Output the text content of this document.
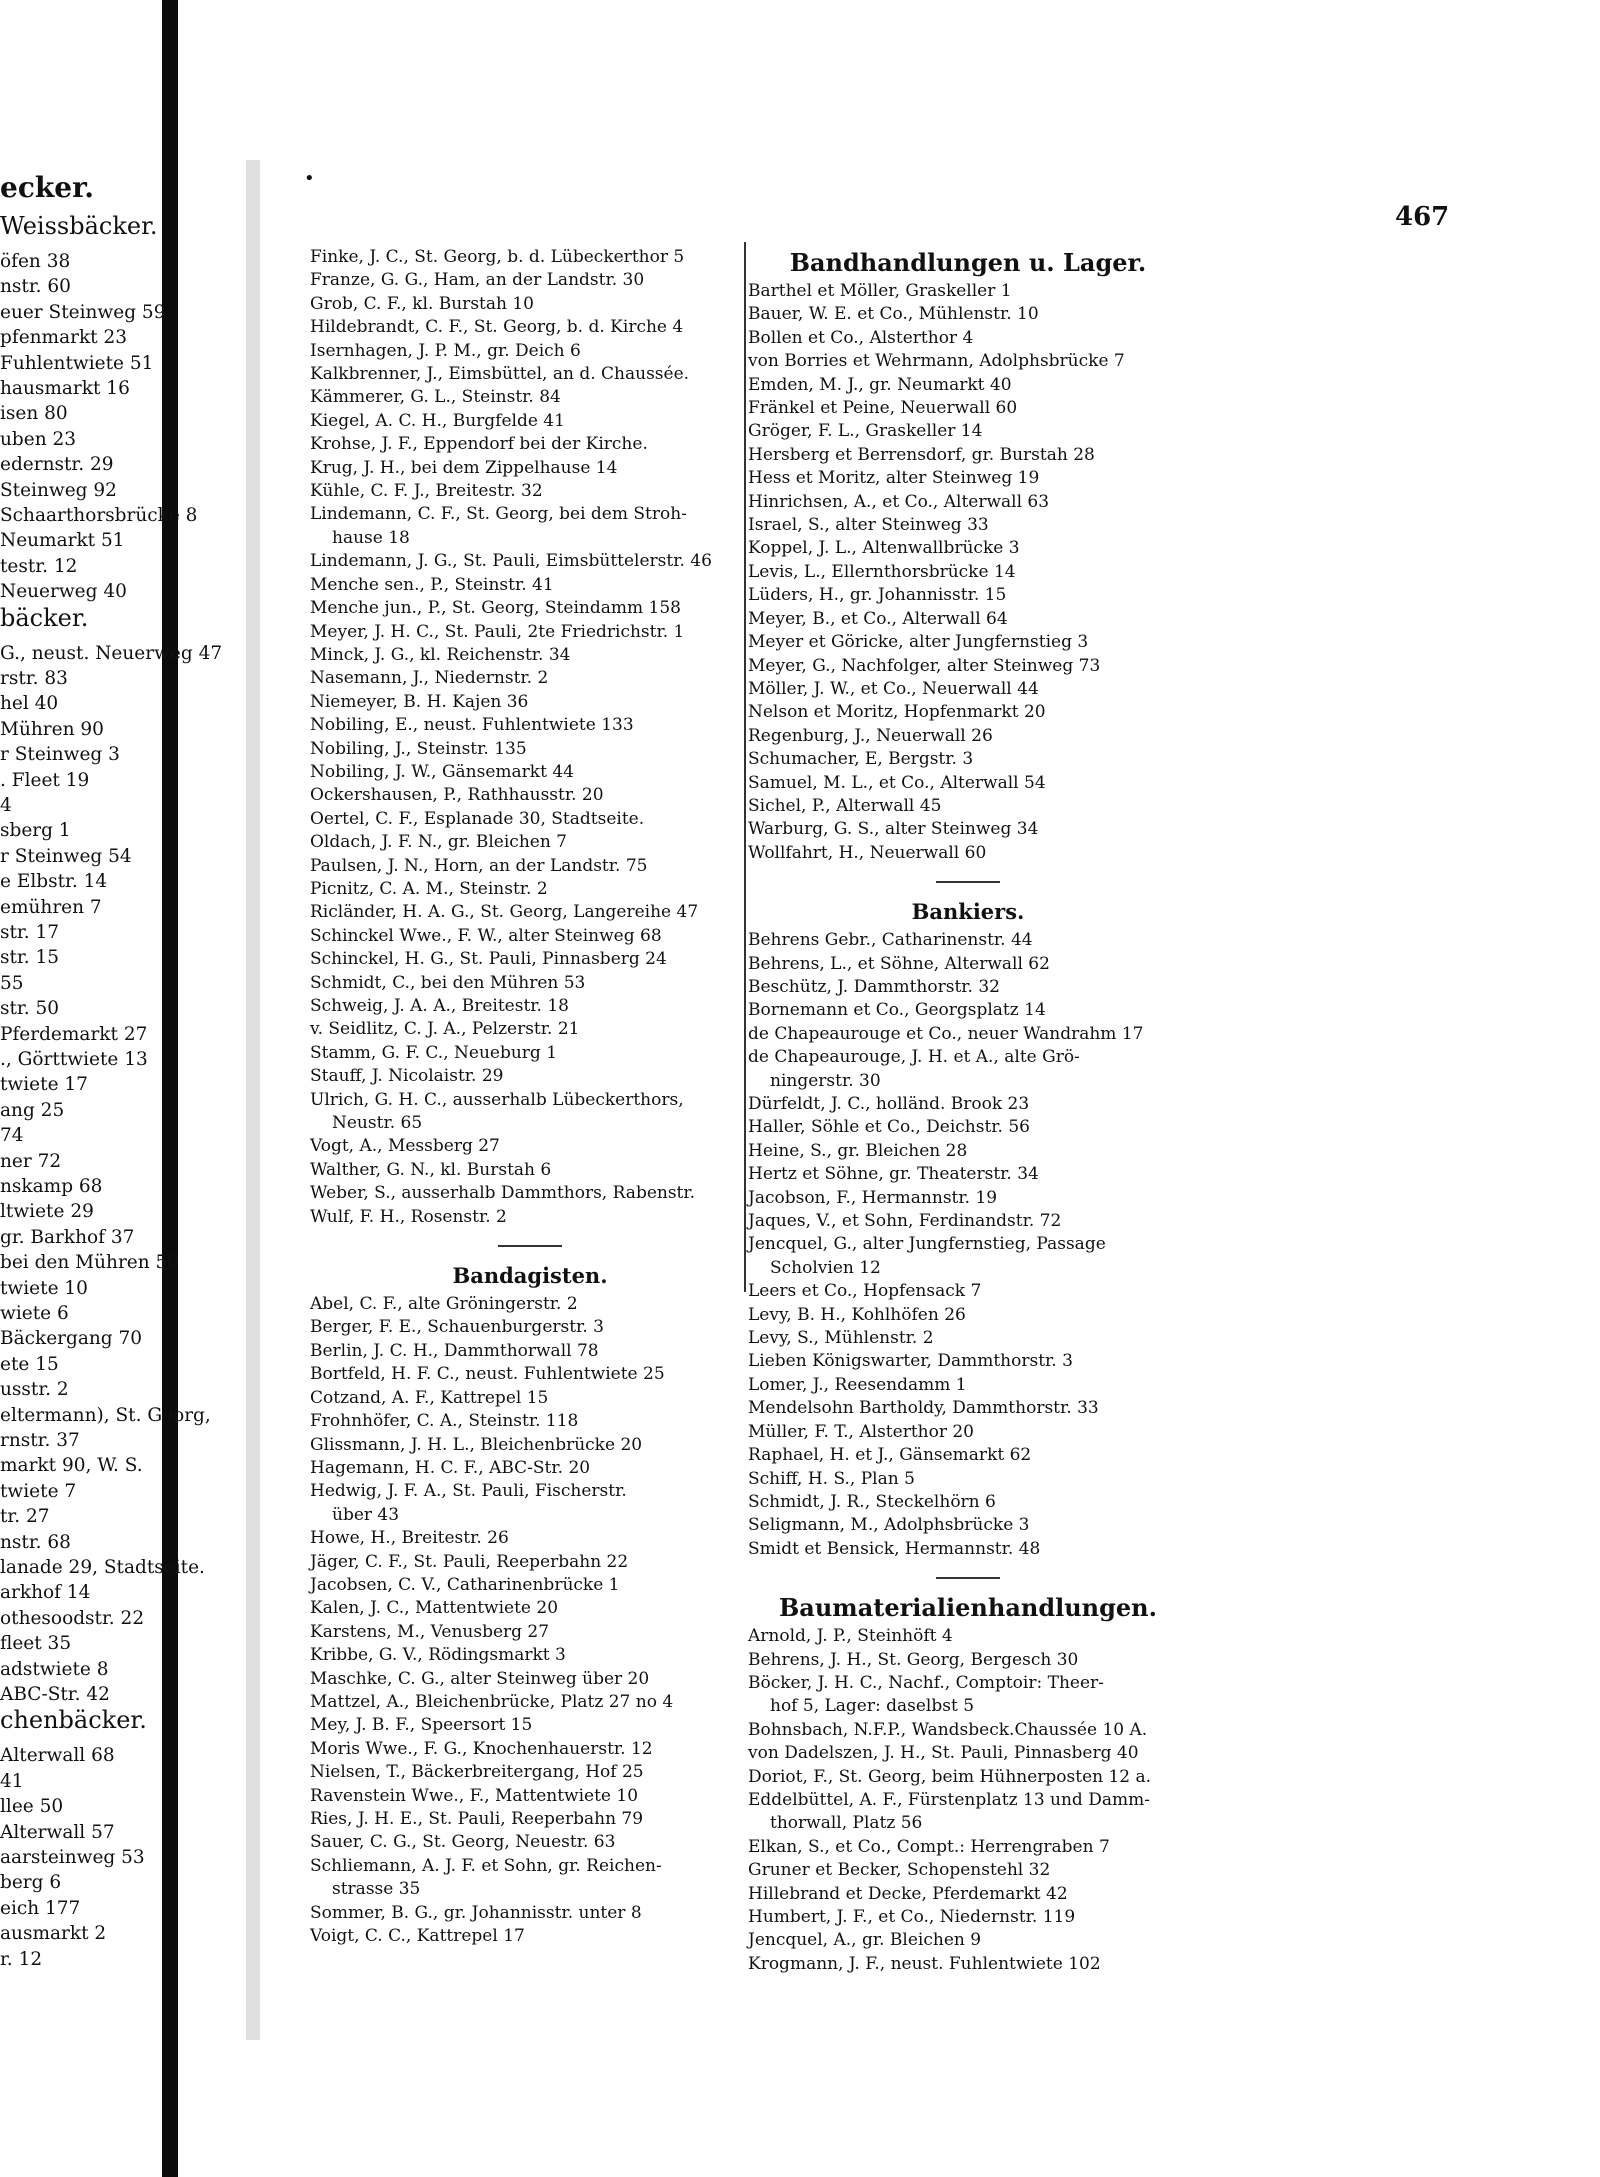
ecker.
Weissbäcker.
öfen 38
nstr. 60
euer Steinweg 59
pfenmarkt 23
Fuhlentwiete 51
hausmarkt 16
isen 80
uben 23
edernstr. 29
Steinweg 92
Schaarthorsbrücke 8
Neumarkt 51
testr. 12
Neuerweg 40
bäcker.
G., neust. Neuerweg 47
rstr. 83
hel 40
Mühren 90
r Steinweg 3
. Fleet 19
4
sberg 1
r Steinweg 54
e Elbstr. 14
emühren 7
str. 17
str. 15
55
str. 50
Pferdemarkt 27
., Görttwiete 13
twiete 17
ang 25
74
ner 72
nskamp 68
ltwiete 29
gr. Barkhof 37
bei den Mühren 50
twiete 10
wiete 6
Bäckergang 70
ete 15
usstr. 2
eltermann), St. Georg,
rnstr. 37
markt 90, W. S.
twiete 7
tr. 27
nstr. 68
lanade 29, Stadtseite.
arkhof 14
othesoodstr. 22
fleet 35
adstwiete 8
ABC-Str. 42
chenbäcker.
Alterwall 68
41
llee 50
Alterwall 57
aarsteinweg 53
berg 6
eich 177
ausmarkt 2
r. 12
•
467
Finke, J. C., St. Georg, b. d. Lübeckerthor 5
Franze, G. G., Ham, an der Landstr. 30
Grob, C. F., kl. Burstah 10
Hildebrandt, C. F., St. Georg, b. d. Kirche 4
Isernhagen, J. P. M., gr. Deich 6
Kalkbrenner, J., Eimsbüttel, an d. Chaussée.
Kämmerer, G. L., Steinstr. 84
Kiegel, A. C. H., Burgfelde 41
Krohse, J. F., Eppendorf bei der Kirche.
Krug, J. H., bei dem Zippelhause 14
Kühle, C. F. J., Breitestr. 32
Lindemann, C. F., St. Georg, bei dem Stroh-
hause 18
Lindemann, J. G., St. Pauli, Eimsbüttelerstr. 46
Menche sen., P., Steinstr. 41
Menche jun., P., St. Georg, Steindamm 158
Meyer, J. H. C., St. Pauli, 2te Friedrichstr. 1
Minck, J. G., kl. Reichenstr. 34
Nasemann, J., Niedernstr. 2
Niemeyer, B. H. Kajen 36
Nobiling, E., neust. Fuhlentwiete 133
Nobiling, J., Steinstr. 135
Nobiling, J. W., Gänsemarkt 44
Ockershausen, P., Rathhausstr. 20
Oertel, C. F., Esplanade 30, Stadtseite.
Oldach, J. F. N., gr. Bleichen 7
Paulsen, J. N., Horn, an der Landstr. 75
Picnitz, C. A. M., Steinstr. 2
Ricländer, H. A. G., St. Georg, Langereihe 47
Schinckel Wwe., F. W., alter Steinweg 68
Schinckel, H. G., St. Pauli, Pinnasberg 24
Schmidt, C., bei den Mühren 53
Schweig, J. A. A., Breitestr. 18
v. Seidlitz, C. J. A., Pelzerstr. 21
Stamm, G. F. C., Neueburg 1
Stauff, J. Nicolaistr. 29
Ulrich, G. H. C., ausserhalb Lübeckerthors,
Neustr. 65
Vogt, A., Messberg 27
Walther, G. N., kl. Burstah 6
Weber, S., ausserhalb Dammthors, Rabenstr.
Wulf, F. H., Rosenstr. 2
Bandagisten.
Abel, C. F., alte Gröningerstr. 2
Berger, F. E., Schauenburgerstr. 3
Berlin, J. C. H., Dammthorwall 78
Bortfeld, H. F. C., neust. Fuhlentwiete 25
Cotzand, A. F., Kattrepel 15
Frohnhöfer, C. A., Steinstr. 118
Glissmann, J. H. L., Bleichenbrücke 20
Hagemann, H. C. F., ABC-Str. 20
Hedwig, J. F. A., St. Pauli, Fischerstr.
über 43
Howe, H., Breitestr. 26
Jäger, C. F., St. Pauli, Reeperbahn 22
Jacobsen, C. V., Catharinenbrücke 1
Kalen, J. C., Mattentwiete 20
Karstens, M., Venusberg 27
Kribbe, G. V., Rödingsmarkt 3
Maschke, C. G., alter Steinweg über 20
Mattzel, A., Bleichenbrücke, Platz 27 no 4
Mey, J. B. F., Speersort 15
Moris Wwe., F. G., Knochenhauerstr. 12
Nielsen, T., Bäckerbreitergang, Hof 25
Ravenstein Wwe., F., Mattentwiete 10
Ries, J. H. E., St. Pauli, Reeperbahn 79
Sauer, C. G., St. Georg, Neuestr. 63
Schliemann, A. J. F. et Sohn, gr. Reichen-
strasse 35
Sommer, B. G., gr. Johannisstr. unter 8
Voigt, C. C., Kattrepel 17
Bandhandlungen u. Lager.
Barthel et Möller, Graskeller 1
Bauer, W. E. et Co., Mühlenstr. 10
Bollen et Co., Alsterthor 4
von Borries et Wehrmann, Adolphsbrücke 7
Emden, M. J., gr. Neumarkt 40
Fränkel et Peine, Neuerwall 60
Gröger, F. L., Graskeller 14
Hersberg et Berrensdorf, gr. Burstah 28
Hess et Moritz, alter Steinweg 19
Hinrichsen, A., et Co., Alterwall 63
Israel, S., alter Steinweg 33
Koppel, J. L., Altenwallbrücke 3
Levis, L., Ellernthorsbrücke 14
Lüders, H., gr. Johannisstr. 15
Meyer, B., et Co., Alterwall 64
Meyer et Göricke, alter Jungfernstieg 3
Meyer, G., Nachfolger, alter Steinweg 73
Möller, J. W., et Co., Neuerwall 44
Nelson et Moritz, Hopfenmarkt 20
Regenburg, J., Neuerwall 26
Schumacher, E, Bergstr. 3
Samuel, M. L., et Co., Alterwall 54
Sichel, P., Alterwall 45
Warburg, G. S., alter Steinweg 34
Wollfahrt, H., Neuerwall 60
Bankiers.
Behrens Gebr., Catharinenstr. 44
Behrens, L., et Söhne, Alterwall 62
Beschütz, J. Dammthorstr. 32
Bornemann et Co., Georgsplatz 14
de Chapeaurouge et Co., neuer Wandrahm 17
de Chapeaurouge, J. H. et A., alte Grö-
ningerstr. 30
Dürfeldt, J. C., holländ. Brook 23
Haller, Söhle et Co., Deichstr. 56
Heine, S., gr. Bleichen 28
Hertz et Söhne, gr. Theaterstr. 34
Jacobson, F., Hermannstr. 19
Jaques, V., et Sohn, Ferdinandstr. 72
Jencquel, G., alter Jungfernstieg, Passage
Scholvien 12
Leers et Co., Hopfensack 7
Levy, B. H., Kohlhöfen 26
Levy, S., Mühlenstr. 2
Lieben Königswarter, Dammthorstr. 3
Lomer, J., Reesendamm 1
Mendelsohn Bartholdy, Dammthorstr. 33
Müller, F. T., Alsterthor 20
Raphael, H. et J., Gänsemarkt 62
Schiff, H. S., Plan 5
Schmidt, J. R., Steckelhörn 6
Seligmann, M., Adolphsbrücke 3
Smidt et Bensick, Hermannstr. 48
Baumaterialienhandlungen.
Arnold, J. P., Steinhöft 4
Behrens, J. H., St. Georg, Bergesch 30
Böcker, J. H. C., Nachf., Comptoir: Theer-
hof 5, Lager: daselbst 5
Bohnsbach, N.F.P., Wandsbeck.Chaussée 10 A.
von Dadelszen, J. H., St. Pauli, Pinnasberg 40
Doriot, F., St. Georg, beim Hühnerposten 12 a.
Eddelbüttel, A. F., Fürstenplatz 13 und Damm-
thorwall, Platz 56
Elkan, S., et Co., Compt.: Herrengraben 7
Gruner et Becker, Schopenstehl 32
Hillebrand et Decke, Pferdemarkt 42
Humbert, J. F., et Co., Niedernstr. 119
Jencquel, A., gr. Bleichen 9
Krogmann, J. F., neust. Fuhlentwiete 102
